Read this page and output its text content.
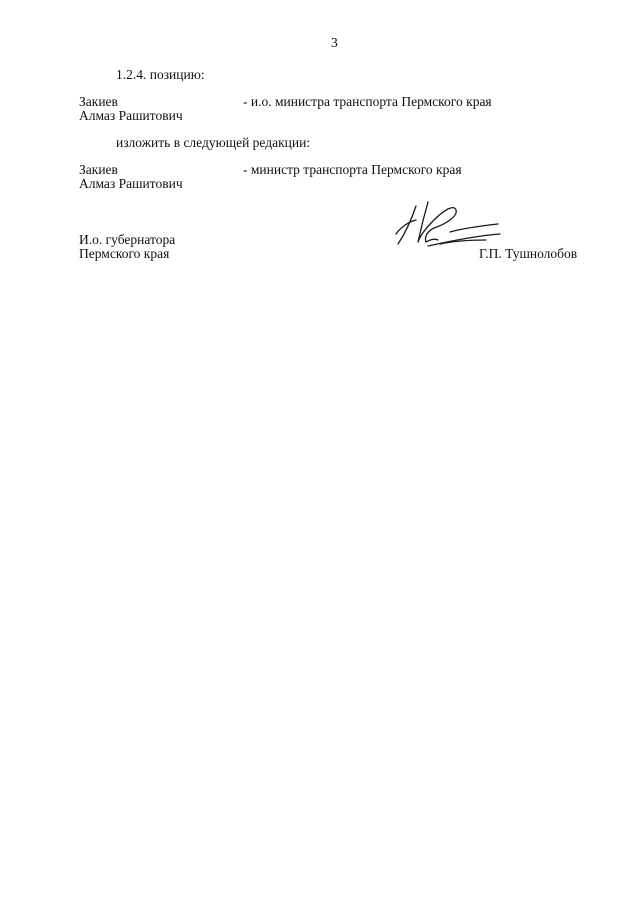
3
1.2.4. позицию:
Закиев
Алмаз Рашитович
- и.о. министра транспорта Пермского края
изложить в следующей редакции:
Закиев
Алмаз Рашитович
- министр транспорта Пермского края
И.о. губернатора
Пермского края	Г.П. Тушнолобов
